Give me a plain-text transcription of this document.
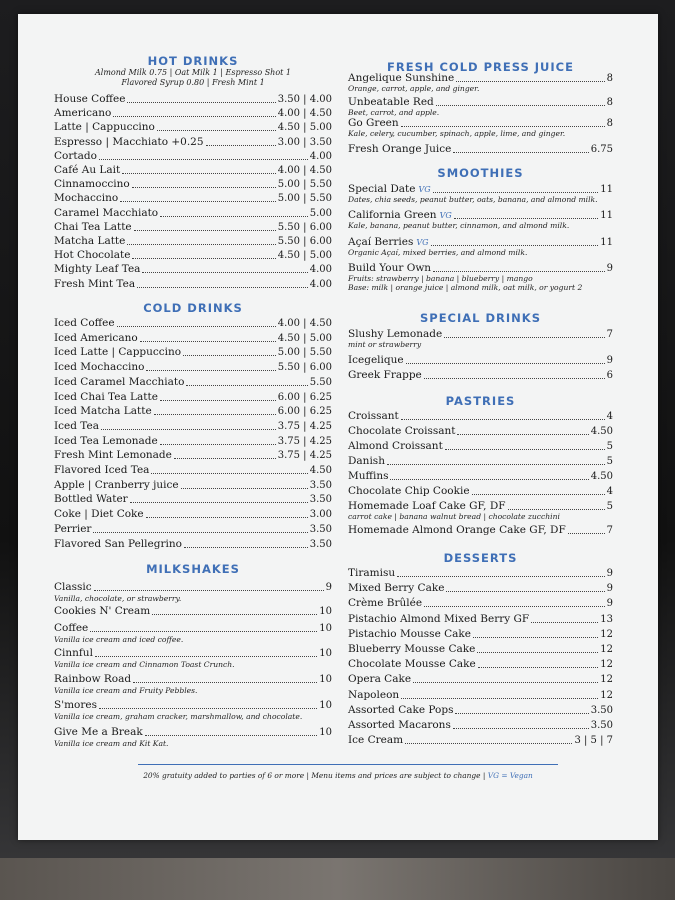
HOT DRINKS
Almond Milk 0.75 | Oat Milk 1 | Espresso Shot 1
Flavored Syrup 0.80 | Fresh Mint 1
House Coffee	3.50 | 4.00
Americano	4.00 | 4.50
Latte | Cappuccino	4.50 | 5.00
Espresso | Macchiato +0.25	3.00 | 3.50
Cortado	4.00
Café Au Lait	4.00 | 4.50
Cinnamoccino	5.00 | 5.50
Mochaccino	5.00 | 5.50
Caramel Macchiato	5.00
Chai Tea Latte	5.50 | 6.00
Matcha Latte	5.50 | 6.00
Hot Chocolate	4.50 | 5.00
Mighty Leaf Tea	4.00
Fresh Mint Tea	4.00
COLD DRINKS
Iced Coffee	4.00 | 4.50
Iced Americano	4.50 | 5.00
Iced Latte | Cappuccino	5.00 | 5.50
Iced Mochaccino	5.50 | 6.00
Iced Caramel Macchiato	5.50
Iced Chai Tea Latte	6.00 | 6.25
Iced Matcha Latte	6.00 | 6.25
Iced Tea	3.75 | 4.25
Iced Tea Lemonade	3.75 | 4.25
Fresh Mint Lemonade	3.75 | 4.25
Flavored Iced Tea	4.50
Apple | Cranberry juice	3.50
Bottled Water	3.50
Coke | Diet Coke	3.00
Perrier	3.50
Flavored San Pellegrino	3.50
MILKSHAKES
Classic	9
Vanilla, chocolate, or strawberry.
Cookies N' Cream	10
Coffee	10
Vanilla ice cream and iced coffee.
Cinnful	10
Vanilla ice cream and Cinnamon Toast Crunch.
Rainbow Road	10
Vanilla ice cream and Fruity Pebbles.
S'mores	10
Vanilla ice cream, graham cracker, marshmallow, and chocolate.
Give Me a Break	10
Vanilla ice cream and Kit Kat.
FRESH COLD PRESS JUICE
Angelique Sunshine	8
Orange, carrot, apple, and ginger.
Unbeatable Red	8
Beet, carrot, and apple.
Go Green	8
Kale, celery, cucumber, spinach, apple, lime, and ginger.
Fresh Orange Juice	6.75
SMOOTHIES
Special Date VG	11
Dates, chia seeds, peanut butter, oats, banana, and almond milk.
California Green VG	11
Kale, banana, peanut butter, cinnamon, and almond milk.
Açaí Berries VG	11
Organic Açaí, mixed berries, and almond milk.
Build Your Own	9
Fruits: strawberry | banana | blueberry | mango
Base: milk | orange juice | almond milk, oat milk, or yogurt 2
SPECIAL DRINKS
Slushy Lemonade	7
mint or strawberry
Icegelique	9
Greek Frappe	6
PASTRIES
Croissant	4
Chocolate Croissant	4.50
Almond Croissant	5
Danish	5
Muffins	4.50
Chocolate Chip Cookie	4
Homemade Loaf Cake GF, DF	5
carrot cake | banana walnut bread | chocolate zucchini
Homemade Almond Orange Cake GF, DF	7
DESSERTS
Tiramisu	9
Mixed Berry Cake	9
Crème Brûlée	9
Pistachio Almond Mixed Berry GF	13
Pistachio Mousse Cake	12
Blueberry Mousse Cake	12
Chocolate Mousse Cake	12
Opera Cake	12
Napoleon	12
Assorted Cake Pops	3.50
Assorted Macarons	3.50
Ice Cream	3 | 5 | 7
20% gratuity added to parties of 6 or more | Menu items and prices are subject to change | VG = Vegan
